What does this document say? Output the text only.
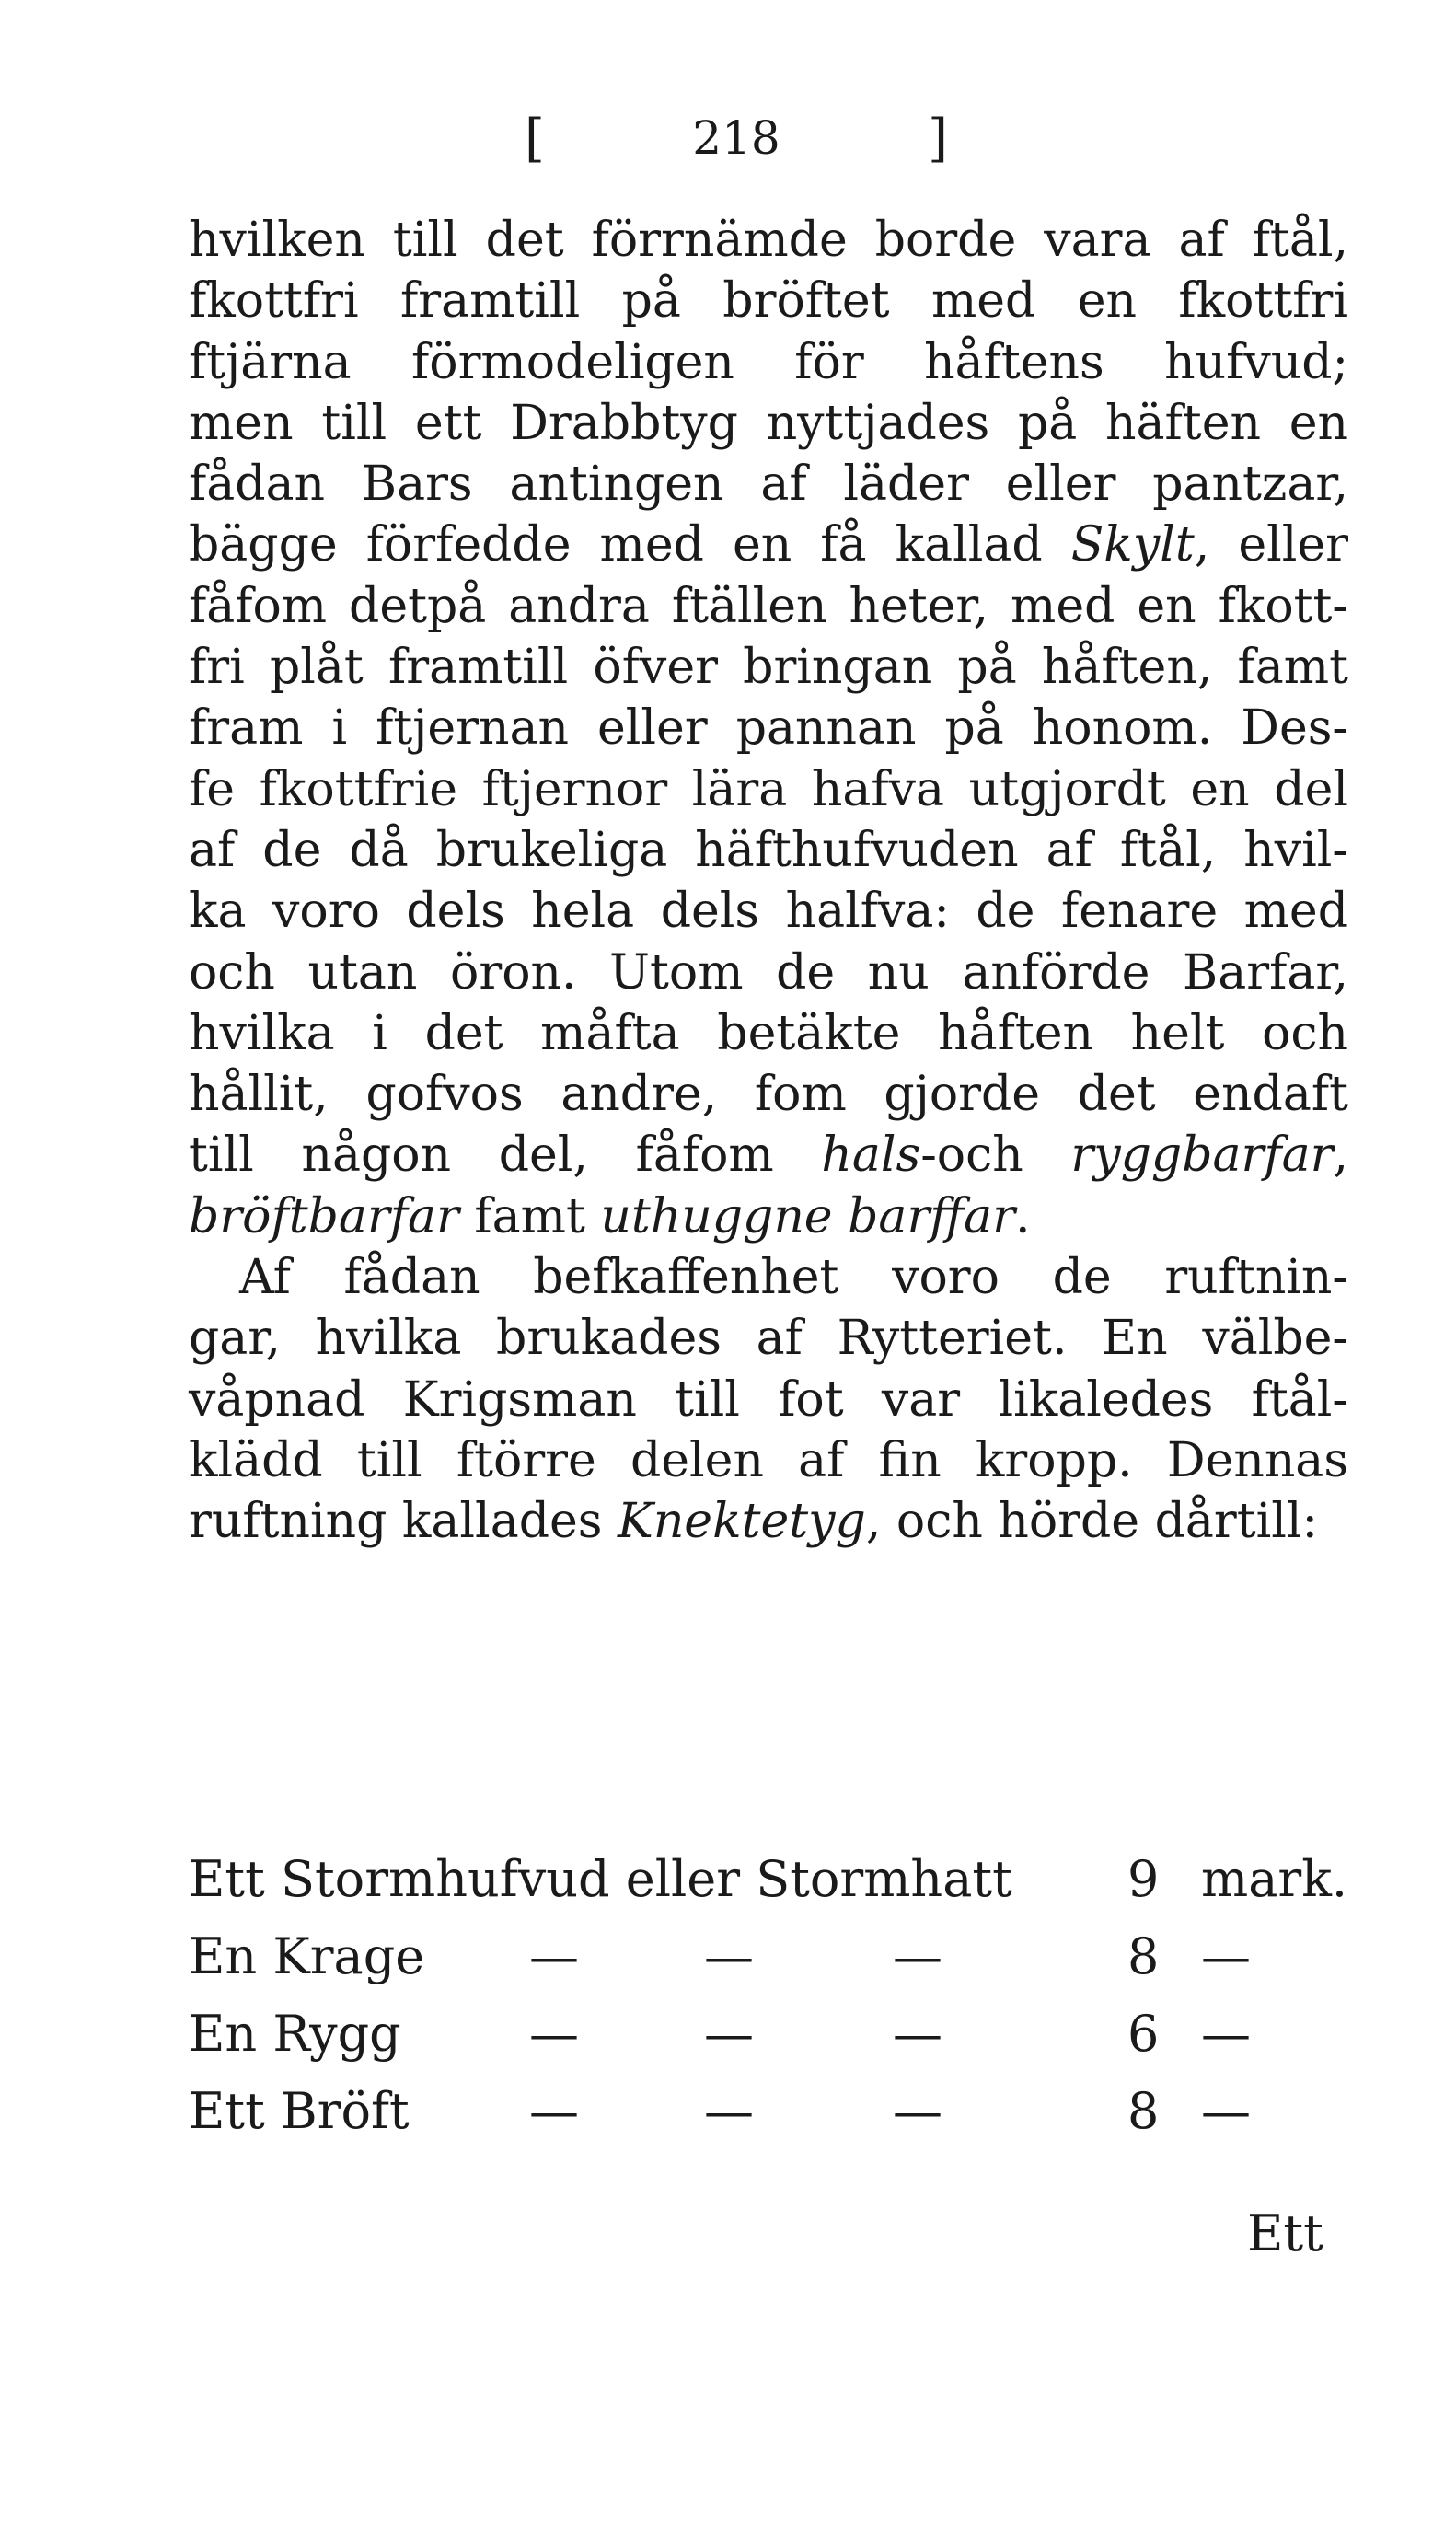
[	218	]
hvilken till det förrnämde borde vara af ftål,
fkottfri framtill på bröftet med en fkottfri
ftjärna förmodeligen för håftens hufvud;
men till ett Drabbtyg nyttjades på häften en
fådan Bars antingen af läder eller pantzar,
bägge förfedde med en få kallad Skylt, eller
fåfom detpå andra ftällen heter, med en fkott-
fri plåt framtill öfver bringan på håften, famt
fram i ftjernan eller pannan på honom. Des-
fe fkottfrie ftjernor lära hafva utgjordt en del
af de då brukeliga häfthufvuden af ftål, hvil-
ka voro dels hela dels halfva: de fenare med
och utan öron. Utom de nu anförde Barfar,
hvilka i det måfta betäkte håften helt och
hållit, gofvos andre, fom gjorde det endaft
till någon del, fåfom hals-och ryggbarfar,
bröftbarfar famt uthuggne barffar.
Af fådan befkaffenhet voro de ruftnin-
gar, hvilka brukades af Rytteriet. En välbe-
våpnad Krigsman till fot var likaledes ftål-
klädd till ftörre delen af fin kropp. Dennas
ruftning kallades Knektetyg, och hörde dårtill:
Ett Stormhufvud eller Stormhatt 9 mark.
En Krage —	—	—	8 —
En Rygg	—	—	—	6 —
Ett Bröft —	—	—	8 —
Ett
